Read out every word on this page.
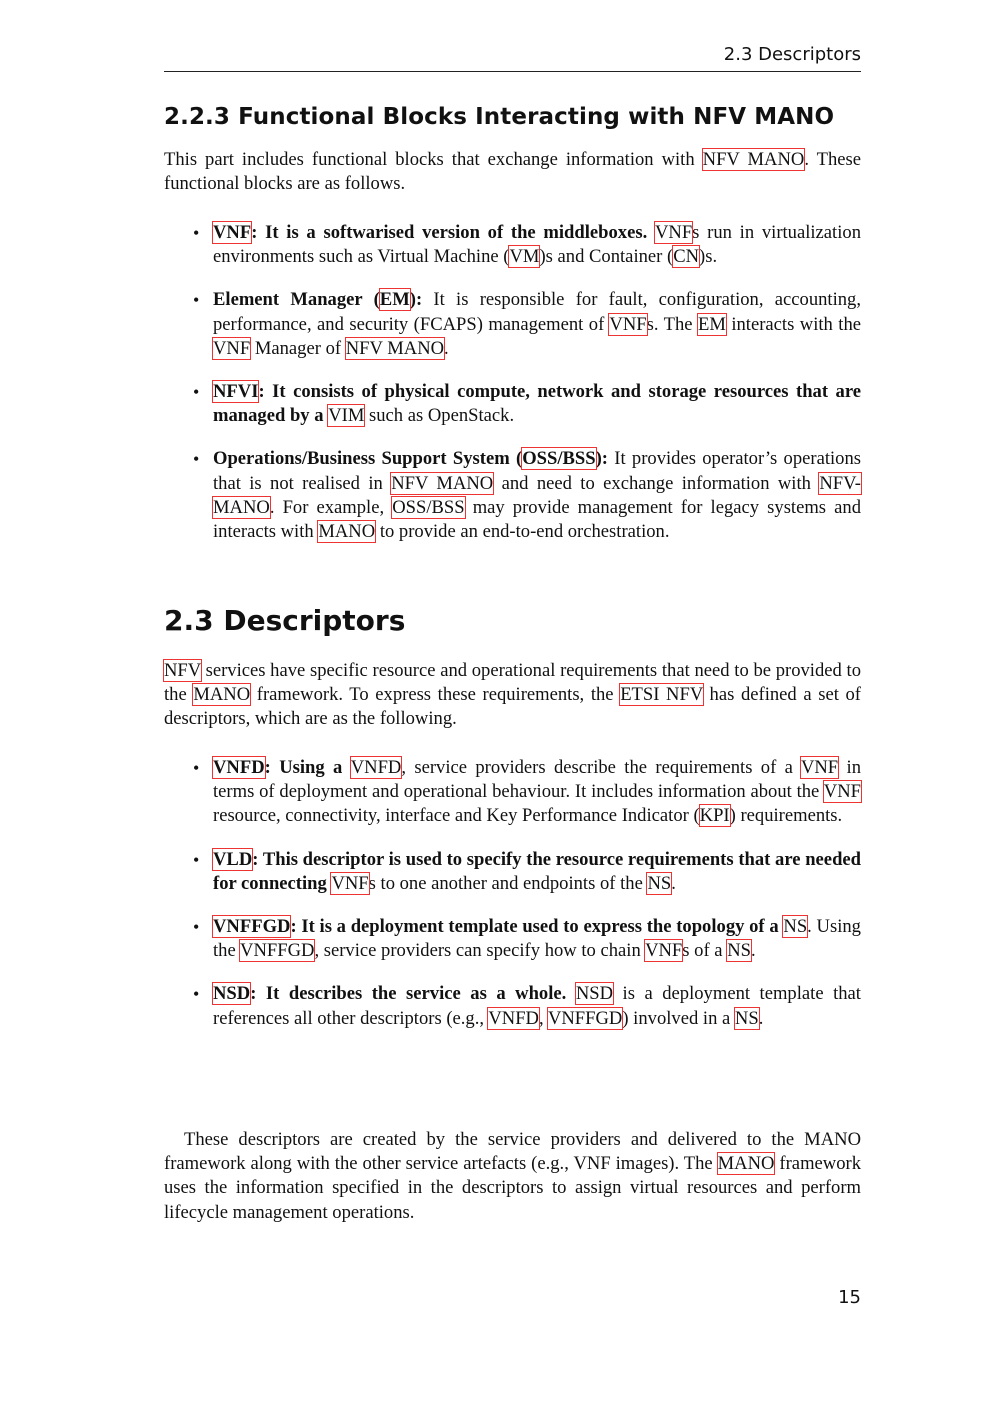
2.3 Descriptors
2.2.3 Functional Blocks Interacting with NFV MANO

This part includes functional blocks that exchange information with NFV MANO. These functional blocks are as follows.

• VNF: It is a softwarised version of the middleboxes. VNFs run in virtualization environments such as Virtual Machine (VM)s and Container (CN)s.
• Element Manager (EM): It is responsible for fault, configuration, accounting, performance, and security (FCAPS) management of VNFs. The EM interacts with the VNF Manager of NFV MANO.
• NFVI: It consists of physical compute, network and storage resources that are managed by a VIM such as OpenStack.
• Operations/Business Support System (OSS/BSS): It provides operator’s operations that is not realised in NFV MANO and need to exchange information with NFV-MANO. For example, OSS/BSS may provide management for legacy systems and interacts with MANO to provide an end-to-end orchestration.
2.3 Descriptors

NFV services have specific resource and operational requirements that need to be provided to the MANO framework. To express these requirements, the ETSI NFV has defined a set of descriptors, which are as the following.

• VNFD: Using a VNFD, service providers describe the requirements of a VNF in terms of deployment and operational behaviour. It includes information about the VNF resource, connectivity, interface and Key Performance Indicator (KPI) requirements.
• VLD: This descriptor is used to specify the resource requirements that are needed for connecting VNFs to one another and endpoints of the NS.
• VNFFGD: It is a deployment template used to express the topology of a NS. Using the VNFFGD, service providers can specify how to chain VNFs of a NS.
• NSD: It describes the service as a whole. NSD is a deployment template that references all other descriptors (e.g., VNFD, VNFFGD) involved in a NS.

These descriptors are created by the service providers and delivered to the MANO framework along with the other service artefacts (e.g., VNF images). The MANO framework uses the information specified in the descriptors to assign virtual resources and perform lifecycle management operations.

15
